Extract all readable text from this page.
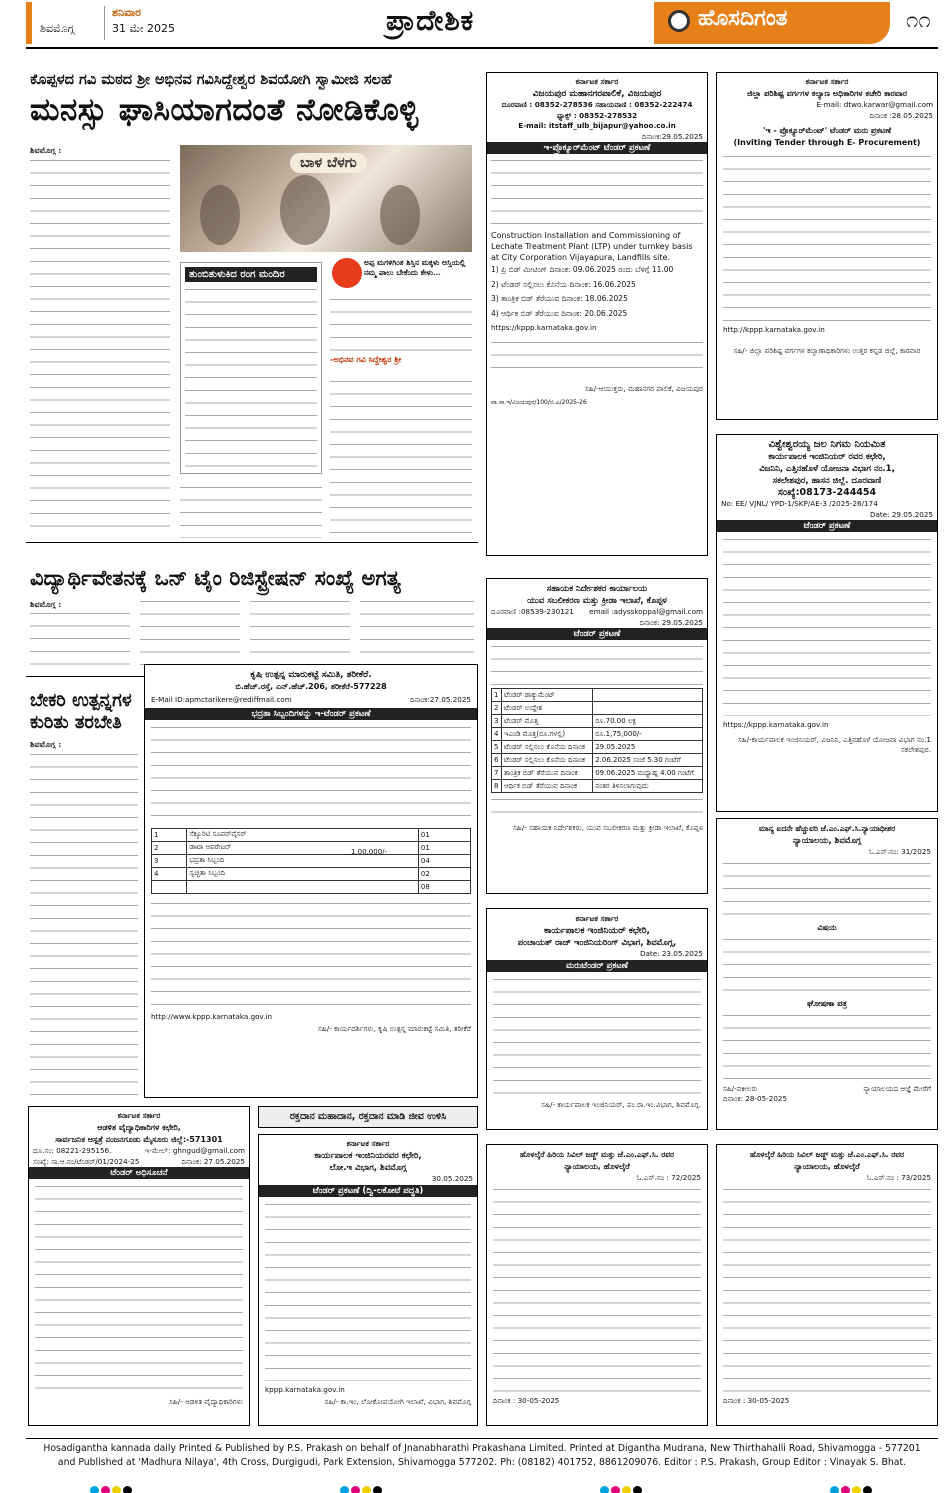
ಶಿವಮೊಗ್ಗ
ಶನಿವಾರ
31 ಮೇ 2025	ಪ್ರಾದೇಶಿಕ	ಹೊಸದಿಗಂತ	೧೧
ಕೊಪ್ಪಳದ ಗವಿ ಮಠದ ಶ್ರೀ ಅಭಿನವ ಗವಿಸಿದ್ದೇಶ್ವರ ಶಿವಯೋಗಿ ಸ್ವಾಮೀಜಿ ಸಲಹೆ
ಮನಸ್ಸು ಘಾಸಿಯಾಗದಂತೆ ನೋಡಿಕೊಳ್ಳಿ
ಶಿವಮೊಗ್ಗ :
ಬಾಳ ಬೆಳಗು
ತುಂಬಿತುಳುಕಿದ ರಂಗ ಮಂದಿರ
ಅಪ್ಪ ಮಗಳಿಗಿಂತ ಶಿಸ್ತಿನ ಮಕ್ಕಳು ಆಸ್ತಿಯಲ್ಲಿ ನಮ್ಮ ಪಾಲು ಬೇಕೆಂದು ಕೇಳು...
-ಅಭಿನವ ಗವಿ ಸಿದ್ದೇಶ್ವರ ಶ್ರೀ
ವಿದ್ಯಾರ್ಥಿವೇತನಕ್ಕೆ ಒನ್ ಟೈಂ ರಿಜಿಸ್ಟ್ರೇಷನ್ ಸಂಖ್ಯೆ ಅಗತ್ಯ
ಶಿವಮೊಗ್ಗ :
ಬೇಕರಿ ಉತ್ಪನ್ನಗಳ
ಕುರಿತು ತರಬೇತಿ
ಶಿವಮೊಗ್ಗ :
ಕೃಷಿ ಉತ್ಪನ್ನ ಮಾರುಕಟ್ಟೆ ಸಮಿತಿ, ತರೀಕೆರೆ.
ಬಿ.ಹೆಚ್.ರಸ್ತೆ, ಎನ್.ಹೆಚ್.206, ತರೀಕೆರೆ-577228
E-Mail ID:apmctarikere@rediffmail.com	ದಿನಾಂಕ:27.05.2025
ಭದ್ರತಾ ಸಿಬ್ಬಂದಿಗಳನ್ನು ಇ-ಟೆಂಡರ್ ಪ್ರಕಟಣೆ
1	ಸೆಕ್ಯೂರಿಟಿ ಸೂಪರ್‌ವೈಸರ್	01
2	ಡಾಟಾ ಆಪರೇಟರ್	01
3	ಭದ್ರತಾ ಸಿಬ್ಬಂದಿ	04
4	ಸ್ವಚ್ಛತಾ ಸಿಬ್ಬಂದಿ	02
		08
1,00,000/-
http://www.kppp.karnataka.gov.in
ಸಹಿ/- ಕಾರ್ಯದರ್ಶಿಗಳು, ಕೃಷಿ ಉತ್ಪನ್ನ ಮಾರುಕಟ್ಟೆ ಸಮಿತಿ, ತರೀಕೆರೆ
ಕರ್ನಾಟಕ ಸರ್ಕಾರ
ವಿಜಯಪುರ ಮಹಾನಗರಪಾಲಿಕೆ, ವಿಜಯಪುರ
ದೂರವಾಣಿ : 08352-278536 ಸಹಾಯವಾಣಿ : 08352-222474
ಫ್ಯಾಕ್ಸ್ : 08352-278532
E-mail: itstaff_ulb_bijapur@yahoo.co.in
ದಿನಾಂಕ:29.05.2025
ಇ-ಪ್ರೊಕ್ಯೂರ್‌ಮೆಂಟ್ ಟೆಂಡರ್ ಪ್ರಕಟಣೆ
Construction Installation and Commissioning of Lechate Treatment Plant (LTP) under turnkey basis at City Corporation Vijayapura, Landfills site.
1) ಪ್ರಿ ಬಿಡ್ ಮೀಟಿಂಗ್ ದಿನಾಂಕ: 09.06.2025 ರಂದು ಬೆಳಿಗ್ಗೆ 11.00
2) ಟೆಂಡರ್ ಸಲ್ಲಿಸಲು ಕೊನೆಯ ದಿನಾಂಕ: 16.06.2025
3) ತಾಂತ್ರಿಕ ಬಿಡ್ ತೆರೆಯುವ ದಿನಾಂಕ: 18.06.2025
4) ಆರ್ಥಿಕ ಬಿಡ್ ತೆರೆಯುವ ದಿನಾಂಕ: 20.06.2025
https://kppp.karnataka.gov.in
ಸಹಿ/-ಆಯುಕ್ತರು, ಮಹಾನಗರ ಪಾಲಿಕೆ, ವಿಜಯಪುರ
ವಾ.ಸಾ.ಇ/ವಿಜಯಪುರ/100/ಬಿ.ಎ/2025-26
ಕರ್ನಾಟಕ ಸರ್ಕಾರ
ಜಿಲ್ಲಾ ಪರಿಶಿಷ್ಟ ವರ್ಗಗಳ ಕಲ್ಯಾಣ ಅಧಿಕಾರಿಗಳ ಕಚೇರಿ ಕಾರವಾರ
E-mail: dtwo.karwar@gmail.com
ದಿನಾಂಕ :28.05.2025
'ಇ - ಪ್ರೊಕ್ಯೂರ್‌ಮೆಂಟ್' ಟೆಂಡರ್ ಮರು ಪ್ರಕಟಣೆ
(Inviting Tender through E- Procurement)
http://kppp.karnataka.gov.in
ಸಹಿ/- ಜಿಲ್ಲಾ ಪರಿಶಿಷ್ಟ ವರ್ಗಗಳ ಕಲ್ಯಾಣಾಧಿಕಾರಿಗಳು ಉತ್ತರ ಕನ್ನಡ ಜಿಲ್ಲೆ, ಕಾರವಾರ
ವಿಶ್ವೇಶ್ವರಯ್ಯ ಜಲ ನಿಗಮ ನಿಯಮಿತ
ಕಾರ್ಯಪಾಲಕ ಇಂಜಿನಿಯರ್ ರವರ ಕಛೇರಿ,
ವಿಜನಿನಿ, ಎತ್ತಿನಹೊಳೆ ಯೋಜನಾ ವಿಭಾಗ ನಂ.1,
ಸಕಲೇಶಪುರ, ಹಾಸನ ಜಿಲ್ಲೆ. ದೂರವಾಣಿ
ಸಂಖ್ಯೆ:08173-244454
No: EE/ VJNL/ YPD-1/SKP/AE-3 /2025-26/174
Date: 29.05.2025
ಟೆಂಡರ್ ಪ್ರಕಟಣೆ
https://kppp.karnataka.gov.in
ಸಹಿ/-ಕಾರ್ಯಪಾಲಕ ಇಂಜಿನಿಯರ್, ವಿಜನಿನಿ, ಎತ್ತಿನಹೊಳೆ ಯೋಜನಾ ವಿಭಾಗ ನಂ.1 ಸಕಲೇಶಪುರ.
ಸಹಾಯಕ ನಿರ್ದೇಶಕರ ಕಾರ್ಯಾಲಯ
ಯುವ ಸಬಲೀಕರಣ ಮತ್ತು ಕ್ರೀಡಾ ಇಲಾಖೆ, ಕೊಪ್ಪಳ
ದೂರವಾಣಿ :08539-230121 email :adysskoppal@gmail.com
ದಿನಾಂಕ: 29.05.2025
ಟೆಂಡರ್ ಪ್ರಕಟಣೆ
1	ಟೆಂಡರ್ ಡಾಕ್ಯುಮೆಂಟ್	
2	ಟೆಂಡರ್ ಉದ್ದೇಶ	
3	ಟೆಂಡರ್ ಮೊತ್ತ	ರೂ.70.00 ಲಕ್ಷ
4	ಇಎಂಡಿ ಮೊತ್ತ(ರೂ.ಗಳಲ್ಲಿ)	ರೂ.1,75,000/-
5	ಟೆಂಡರ್ ಸಲ್ಲಿಸಲು ಕೊನೆಯ ದಿನಾಂಕ	29.05.2025
6	ಟೆಂಡರ್ ಸಲ್ಲಿಸಲು ಕೊನೆಯ ದಿನಾಂಕ	2.06.2025 ಸಂಜೆ 5.30 ಗಂಟೆಗೆ
7	ತಾಂತ್ರಿಕ ಬಿಡ್ ತೆರೆಯುವ ದಿನಾಂಕ	09.06.2025 ಮಧ್ಯಾಹ್ನ 4.00 ಗಂಟೆಗೆ
8	ಆರ್ಥಿಕ ಬಿಡ್ ತೆರೆಯುವ ದಿನಾಂಕ	ನಂತರ ತಿಳಿಸಲಾಗುವುದು
ಸಹಿ/- ಸಹಾಯಕ ನಿರ್ದೇಶಕರು, ಯುವ ಸಬಲೀಕರಣ ಮತ್ತು ಕ್ರೀಡಾ ಇಲಾಖೆ, ಕೊಪ್ಪಳ
ಕರ್ನಾಟಕ ಸರ್ಕಾರ
ಕಾರ್ಯಪಾಲಕ ಇಂಜಿನಿಯರ್ ಕಛೇರಿ,
ಪಂಚಾಯತ್ ರಾಜ್ ಇಂಜಿನಿಯರಿಂಗ್ ವಿಭಾಗ, ಶಿವಮೊಗ್ಗ,
Date: 23.05.2025
ಮರುಟೆಂಡರ್ ಪ್ರಕಟಣೆ
ಸಹಿ/- ಕಾರ್ಯಪಾಲಕ ಇಂಜಿನಿಯರ್, ಪಂ.ರಾ.ಇಂ.ವಿಭಾಗ, ಶಿವಮೊಗ್ಗ.
ಮಾನ್ಯ ಐದನೇ ಹೆಚ್ಚುವರಿ ಜೆ.ಎಂ.ಎಫ್.ಸಿ.ನ್ಯಾಯಾಧೀಶರ
ನ್ಯಾಯಾಲಯ, ಶಿವಮೊಗ್ಗ
ಓ.ಎಸ್.ನಂ: 31/2025
ವಿಷಯ
ಘೋಷಣಾ ಪತ್ರ
ಸಹಿ/-ವಕೀಲರು	ನ್ಯಾಯಾಲಯದ ಆಜ್ಞೆ ಮೇರೆಗೆ
ದಿನಾಂಕ: 28-05-2025
ರಕ್ತದಾನ ಮಹಾದಾನ, ರಕ್ತದಾನ ಮಾಡಿ ಜೀವ ಉಳಿಸಿ
ಕರ್ನಾಟಕ ಸರ್ಕಾರ
ಆಡಳಿತ ವೈದ್ಯಾಧಿಕಾರಿಗಳ ಕಛೇರಿ,
ಸಾರ್ವಜನಿಕ ಆಸ್ಪತ್ರೆ ನಂಜನಗೂಡು ಮೈಸೂರು ಜಿಲ್ಲೆ:-571301
ದೂ.ಸಂ: 08221-295156.	ಇ-ಮೇಲ್: ghngud@gmail.com
ಸಂಖ್ಯೆ: ಸಾ.ಆ.ನಂ/ಟೆಂಡರ್/01/2024-25	ದಿನಾಂಕ: 27.05.2025
ಟೆಂಡರ್ ಅಧಿಸೂಚನೆ
ಸಹಿ/- ಆಡಳಿತ ವೈದ್ಯಾಧಿಕಾರಿಗಳು
ಕರ್ನಾಟಕ ಸರ್ಕಾರ
ಕಾರ್ಯಪಾಲಕ ಇಂಜಿನಿಯರವರ ಕಛೇರಿ,
ಲೋ.ಇ ವಿಭಾಗ, ಶಿವಮೊಗ್ಗ
30.05.2025
ಟೆಂಡರ್ ಪ್ರಕಟಣೆ (ದ್ವಿ-ಲಕೋಟೆ ಪದ್ಧತಿ)
kppp.karnataka.gov.in
ಸಹಿ/- ಕಾ.ಇಂ, ಲೋಕೋಪಯೋಗಿ ಇಲಾಖೆ, ವಿಭಾಗ, ಶಿವಮೊಗ್ಗ
ಹೊಳಲ್ಕೆರೆ ಹಿರಿಯ ಸಿವಿಲ್ ಜಡ್ಜ್ ಮತ್ತು ಜೆ.ಎಂ.ಎಫ್.ಸಿ. ರವರ
ನ್ಯಾಯಾಲಯ, ಹೊಳಲ್ಕೆರೆ
ಓ.ಎಸ್.ನಂ : 72/2025
ದಿನಾಂಕ : 30-05-2025
ಹೊಳಲ್ಕೆರೆ ಹಿರಿಯ ಸಿವಿಲ್ ಜಡ್ಜ್ ಮತ್ತು ಜೆ.ಎಂ.ಎಫ್.ಸಿ. ರವರ
ನ್ಯಾಯಾಲಯ, ಹೊಳಲ್ಕೆರೆ
ಓ.ಎಸ್.ನಂ : 73/2025
ದಿನಾಂಕ : 30-05-2025
Hosadigantha kannada daily Printed & Published by P.S. Prakash on behalf of Jnanabharathi Prakashana Limited. Printed at Digantha Mudrana, New Thirthahalli Road, Shivamogga - 577201
and Published at 'Madhura Nilaya', 4th Cross, Durgigudi, Park Extension, Shivamogga 577202. Ph: (08182) 401752, 8861209076. Editor : P.S. Prakash, Group Editor : Vinayak S. Bhat.
